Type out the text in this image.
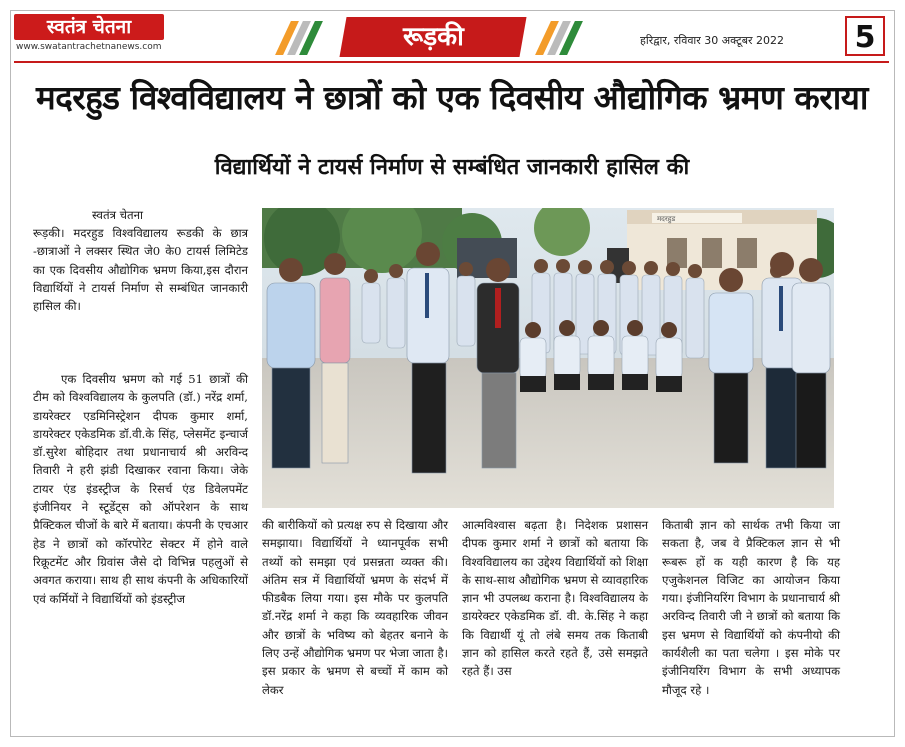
स्वतंत्र चेतना
www.swatantrachetnanews.com	रूड़की	हरिद्वार, रविवार 30 अक्टूबर 2022	5
मदरहुड विश्वविद्यालय ने छात्रों को एक दिवसीय औद्योगिक भ्रमण कराया
विद्यार्थियों ने टायर्स निर्माण से सम्बंधित जानकारी हासिल की
स्वतंत्र चेतना

रूड़की। मदरहुड विश्वविद्यालय रूडकी के छात्र -छात्राओं ने लक्सर स्थित जे0 के0 टायर्स लिमिटेड का एक दिवसीय औद्योगिक भ्रमण किया,इस दौरान विद्यार्थियों ने टायर्स निर्माण से सम्बंधित जानकारी हासिल की।

एक दिवसीय भ्रमण को गई 51 छात्रों की टीम को विश्वविद्यालय के कुलपति (डॉ.) नरेंद्र शर्मा, डायरेक्टर एडमिनिस्ट्रेशन दीपक कुमार शर्मा, डायरेक्टर एकेडमिक डॉ.वी.के सिंह, प्लेसमेंट इन्चार्ज डॉ.सुरेश बोहिदार तथा प्रधानाचार्य श्री अरविन्द तिवारी ने हरी झंडी दिखाकर रवाना किया। जेके टायर एंड इंडस्ट्रीज के रिसर्च एंड डिवेलपमेंट इंजीनियर ने स्टूडेंट्स को ऑपरेशन के साथ प्रैक्टिकल चीजों के बारे में बताया। कंपनी के एचआर हेड ने छात्रों को कॉरपोरेट सेक्टर में होने वाले रिक्रूटमेंट और ग्रिवांस जैसे दो विभिन्न पहलुओं से अवगत कराया। साथ ही साथ कंपनी के अधिकारियों एवं कर्मियों ने विद्यार्थियों को इंडस्ट्रीज

मदरहुड

की बारीकियों को प्रत्यक्ष रुप से दिखाया और समझाया। विद्यार्थियों ने ध्यानपूर्वक सभी तथ्यों को समझा एवं प्रसन्नता व्यक्त की। अंतिम सत्र में विद्यार्थियों भ्रमण के संदर्भ में फीडबैक लिया गया। इस मौके पर कुलपति डॉ.नरेंद्र शर्मा ने कहा कि व्यवहारिक जीवन और छात्रों के भविष्य को बेहतर बनाने के लिए उन्हें औद्योगिक भ्रमण पर भेजा जाता है। इस प्रकार के भ्रमण से बच्चों में काम को लेकर

आत्मविश्वास बढ़ता है। निदेशक प्रशासन दीपक कुमार शर्मा ने छात्रों को बताया कि विश्वविद्यालय का उद्देश्य विद्यार्थियों को शिक्षा के साथ-साथ औद्योगिक भ्रमण से व्यावहारिक ज्ञान भी उपलब्ध कराना है। विश्वविद्यालय के डायरेक्टर एकेडमिक डॉ. वी. के.सिंह ने कहा कि विद्यार्थी यूं तो लंबे समय तक किताबी ज्ञान को हासिल करते रहते हैं, उसे समझते रहते हैं। उस

किताबी ज्ञान को सार्थक तभी किया जा सकता है, जब वे प्रैक्टिकल ज्ञान से भी रूबरू हों क यही कारण है कि यह एजुकेशनल विजिट का आयोजन किया गया। इंजीनियरिंग विभाग के प्रधानाचार्य श्री अरविन्द तिवारी जी ने छात्रों को बताया कि इस भ्रमण से विद्यार्थियों को कंपनीयो की कार्यशैली का पता चलेगा । इस मोके पर इंजीनियरिंग विभाग के सभी अध्यापक मौजूद रहे ।
